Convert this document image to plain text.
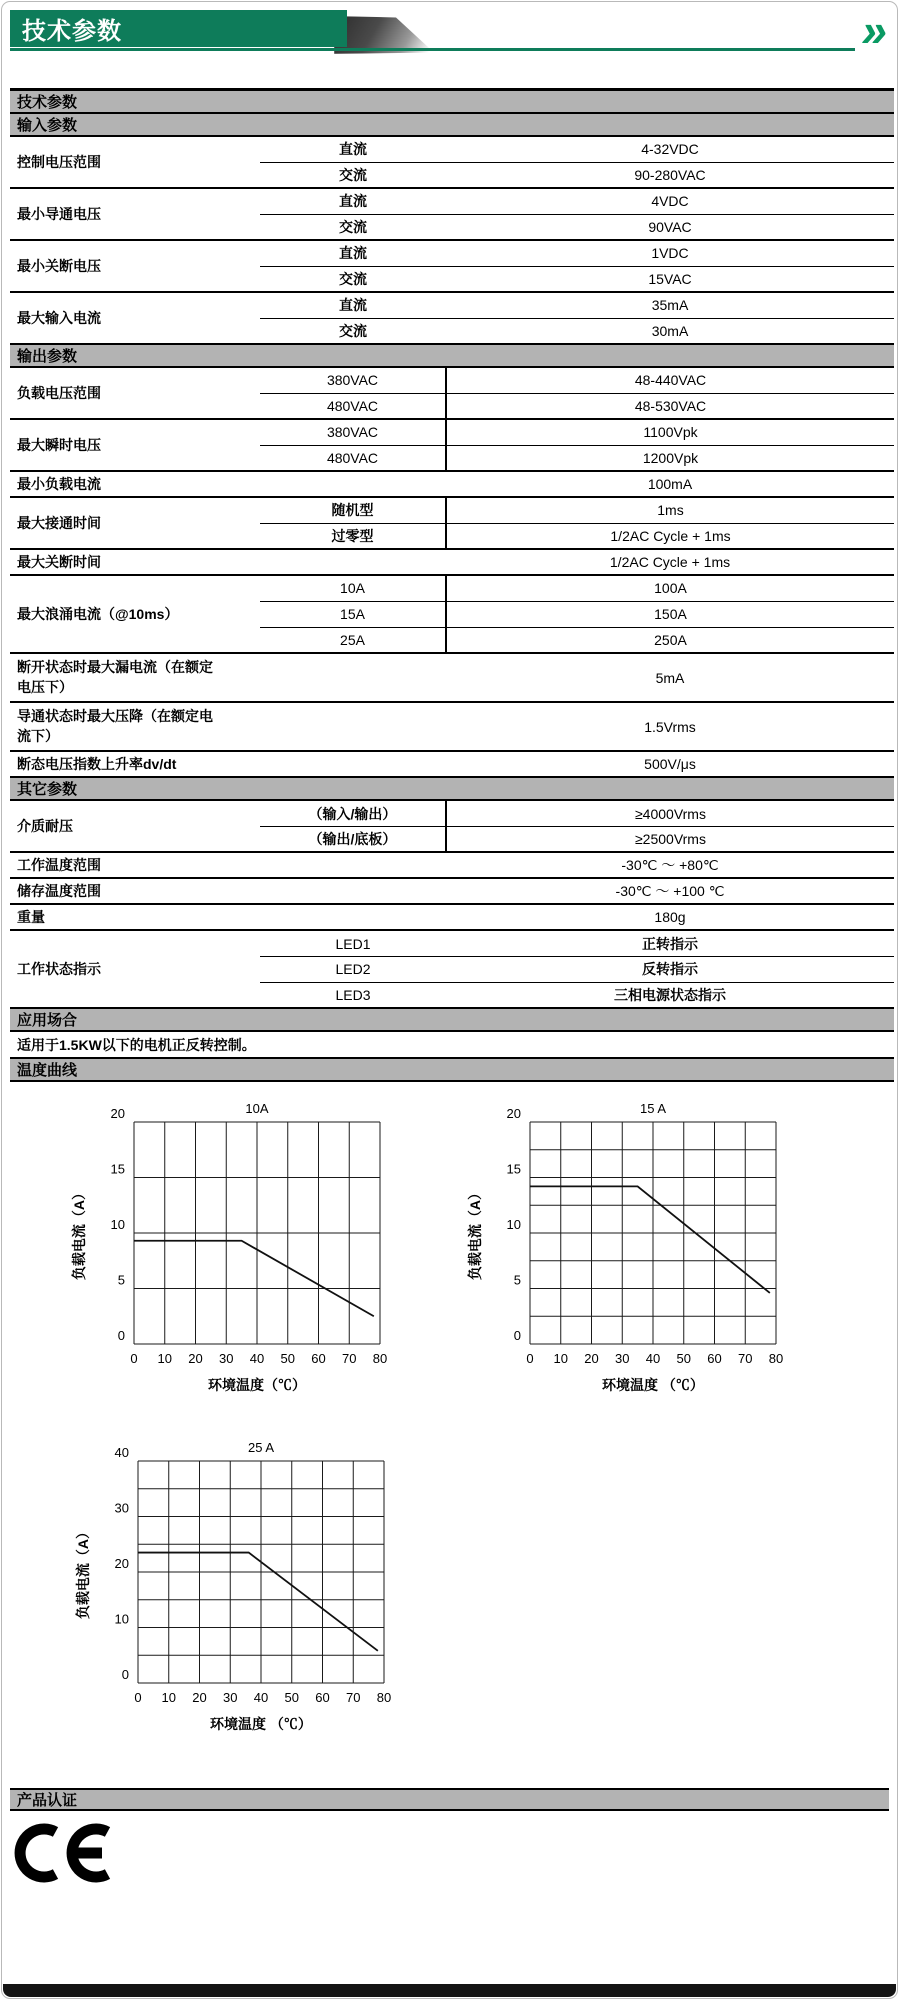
技术参数	»
技术参数		
输入参数		
控制电压范围	直流	4-32VDC
	交流	90-280VAC
最小导通电压	直流	4VDC
	交流	90VAC
最小关断电压	直流	1VDC
	交流	15VAC
最大输入电流	直流	35mA
	交流	30mA
输出参数		
负载电压范围	380VAC	48-440VAC
	480VAC	48-530VAC
最大瞬时电压	380VAC	1100Vpk
	480VAC	1200Vpk
最小负载电流		100mA
最大接通时间	随机型	1ms
	过零型	1/2AC Cycle + 1ms
最大关断时间		1/2AC Cycle + 1ms
最大浪涌电流（@10ms）	10A	100A
	15A	150A
	25A	250A

断开状态时最大漏电流（在额定电压下）		5mA

导通状态时最大压降（在额定电流下）		1.5Vrms
断态电压指数上升率dv/dt		500V/μs
其它参数		
介质耐压	（输入/输出）	≥4000Vrms
	（输出/底板）	≥2500Vrms
工作温度范围		-30℃ ～ +80℃
储存温度范围		-30℃ ～ +100 ℃
重量		180g
工作状态指示	LED1	正转指示
	LED2	反转指示
	LED3	三相电源状态指示
应用场合		
适用于1.5KW以下的电机正反转控制。		
温度曲线		
0
5
10
15
20
0 10 20 30 40 50 60 70 80
10A
环境温度（℃）
负载电流（A）
0
5
10
15
20
0 10 20 30 40 50 60 70 80
15 A
环境温度 （℃）
负载电流（A）
0
10
20
30
40
0 10 20 30 40 50 60 70 80
25 A
环境温度 （℃）
负载电流（A）
产品认证
